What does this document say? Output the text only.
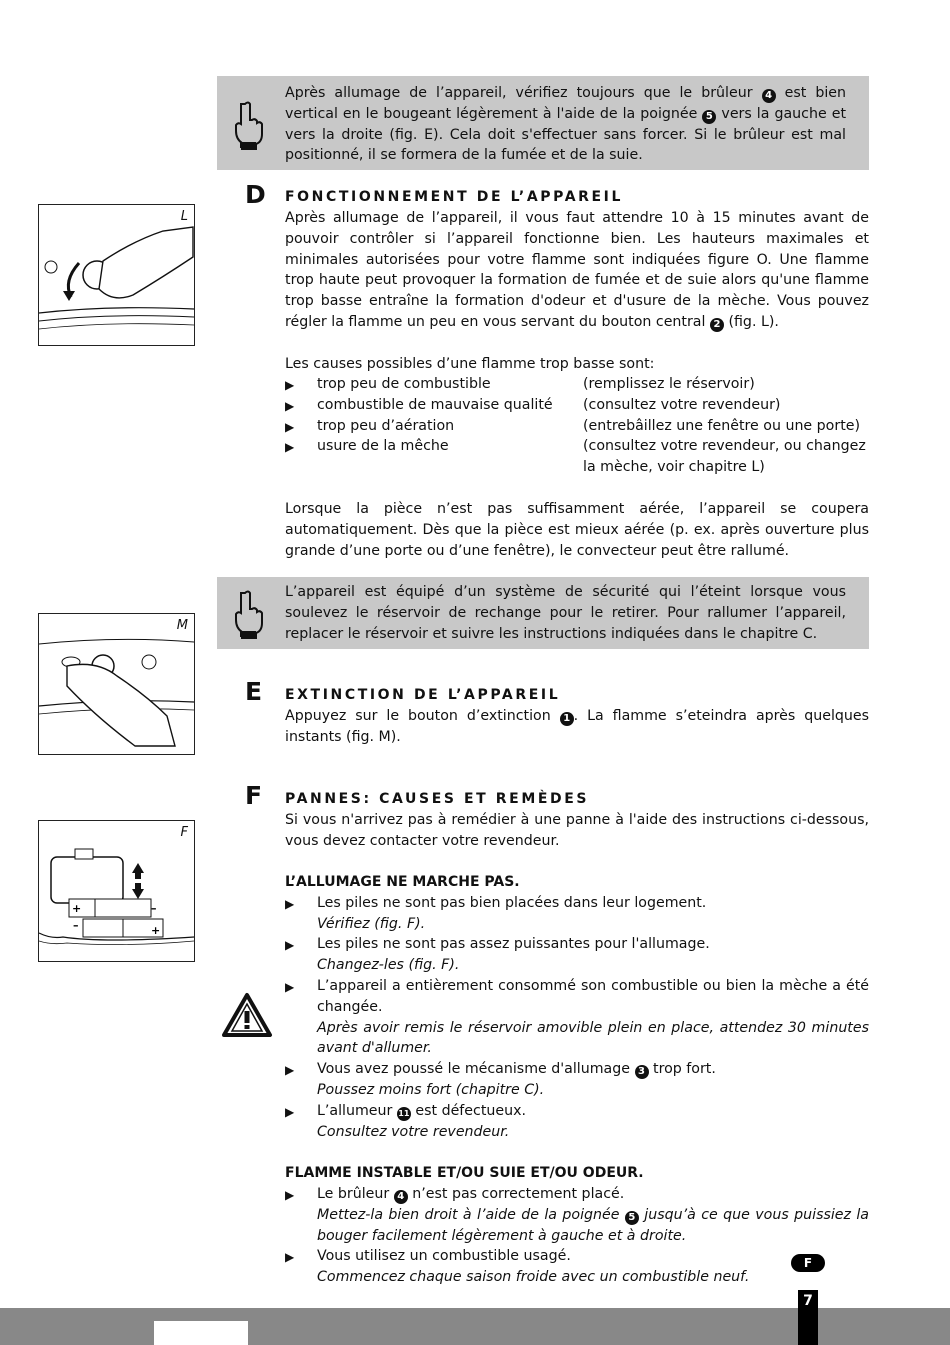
Après allumage de l’appareil, vérifiez toujours que le brûleur 4 est bien vertical en le bougeant légèrement à l'aide de la poignée 5 vers la gauche et vers la droite (fig. E). Cela doit s'effectuer sans forcer. Si le brûleur est mal positionné, il se formera de la fumée et de la suie.
D FONCTIONNEMENT DE L’APPAREIL
Après allumage de l’appareil, il vous faut attendre 10 à 15 minutes avant de pouvoir contrôler si l’appareil fonctionne bien. Les hauteurs maximales et minimales autorisées pour votre flamme sont indiquées figure O. Une flamme trop haute peut provoquer la formation de fumée et de suie alors qu'une flamme trop basse entraîne la formation d'odeur et d'usure de la mèche. Vous pouvez régler la flamme un peu en vous servant du bouton central 2 (fig. L).
Les causes possibles d’une flamme trop basse sont:
▶ trop peu de combustible	(remplissez le réservoir)
▶ combustible de mauvaise qualité	(consultez votre revendeur)
▶ trop peu d’aération	(entrebâillez une fenêtre ou une porte)
▶ usure de la mêche	(consultez votre revendeur, ou changez la mèche, voir chapitre L)
Lorsque la pièce n’est pas suffisamment aérée, l’appareil se coupera automatiquement. Dès que la pièce est mieux aérée (p. ex. après ouverture plus grande d’une porte ou d’une fenêtre), le convecteur peut être rallumé.
L’appareil est équipé d’un système de sécurité qui l’éteint lorsque vous soulevez le réservoir de rechange pour le retirer. Pour rallumer l’appareil, replacer le réservoir et suivre les instructions indiquées dans le chapitre C.
E EXTINCTION DE L’APPAREIL
Appuyez sur le bouton d’extinction 1 . La flamme s’eteindra après quelques instants (fig. M).
F PANNES: CAUSES ET REMÈDES
Si vous n'arrivez pas à remédier à une panne à l'aide des instructions ci-dessous, vous devez contacter votre revendeur.
L’ALLUMAGE NE MARCHE PAS.
▶ Les piles ne sont pas bien placées dans leur logement.
Vérifiez (fig. F).
▶ Les piles ne sont pas assez puissantes pour l'allumage.
Changez-les (fig. F).
▶ L’appareil a entièrement consommé son combustible ou bien la mèche a été changée.
Après avoir remis le réservoir amovible plein en place, attendez 30 minutes avant d'allumer.
▶ Vous avez poussé le mécanisme d'allumage 3 trop fort.
Poussez moins fort (chapitre C).
▶ L’allumeur 11 est défectueux.
Consultez votre revendeur.
FLAMME INSTABLE ET/OU SUIE ET/OU ODEUR.
▶ Le brûleur 4 n’est pas correctement placé.
Mettez-la bien droit à l’aide de la poignée 5 jusqu’à ce que vous puissiez la bouger facilement légèrement à gauche et à droite.
▶ Vous utilisez un combustible usagé.
Commencez chaque saison froide avec un combustible neuf.
L
M
F
+	–
–	+
F
7
